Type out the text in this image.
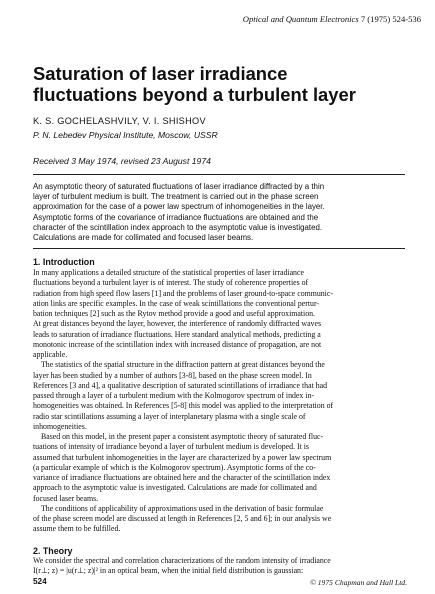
Optical and Quantum Electronics 7 (1975) 524-536
Saturation of laser irradiance
fluctuations beyond a turbulent layer
K. S. GOCHELASHVILY, V. I. SHISHOV
P. N. Lebedev Physical Institute, Moscow, USSR
Received 3 May 1974, revised 23 August 1974
An asymptotic theory of saturated fluctuations of laser irradiance diffracted by a thin
layer of turbulent medium is built. The treatment is carried out in the phase screen
approximation for the case of a power law spectrum of inhomogeneities in the layer.
Asymptotic forms of the covariance of irradiance fluctuations are obtained and the
character of the scintillation index approach to the asymptotic value is investigated.
Calculations are made for collimated and focused laser beams.
1. Introduction
In many applications a detailed structure of the statistical properties of laser irradiance
fluctuations beyond a turbulent layer is of interest. The study of coherence properties of
radiation from high speed flow lasers [1] and the problems of laser ground-to-space communic-
ation links are specific examples. In the case of weak scintillations the conventional pertur-
bation techniques [2] such as the Rytov method provide a good and useful approximation.
At great distances beyond the layer, however, the interference of randomly diffracted waves
leads to saturation of irradiance fluctuations. Here standard analytical methods, predicting a
monotonic increase of the scintillation index with increased distance of propagation, are not
applicable.
The statistics of the spatial structure in the diffraction pattern at great distances beyond the
layer has been studied by a number of authors [3-8], based on the phase screen model. In
References [3 and 4], a qualitative description of saturated scintillations of irradiance that had
passed through a layer of a turbulent medium with the Kolmogorov spectrum of index in-
homogeneities was obtained. In References [5-8] this model was applied to the interpretation of
radio star scintillations assuming a layer of interplanetary plasma with a single scale of
inhomogeneities.
Based on this model, in the present paper a consistent asymptotic theory of saturated fluc-
tuations of intensity of irradiance beyond a layer of turbulent medium is developed. It is
assumed that turbulent inhomogeneities in the layer are characterized by a power law spectrum
(a particular example of which is the Kolmogorov spectrum). Asymptotic forms of the co-
variance of irradiance fluctuations are obtained here and the character of the scintillation index
approach to the asymptotic value is investigated. Calculations are made for collimated and
focused laser beams.
The conditions of applicability of approximations used in the derivation of basic formulae
of the phase screen model are discussed at length in References [2, 5 and 6]; in our analysis we
assume them to be fulfilled.
2. Theory
We consider the spectral and correlation characterizations of the random intensity of irradiance
I(r⊥; z) = |u(r⊥; z)|² in an optical beam, when the initial field distribution is gaussian:
524	© 1975 Chapman and Hall Ltd.
